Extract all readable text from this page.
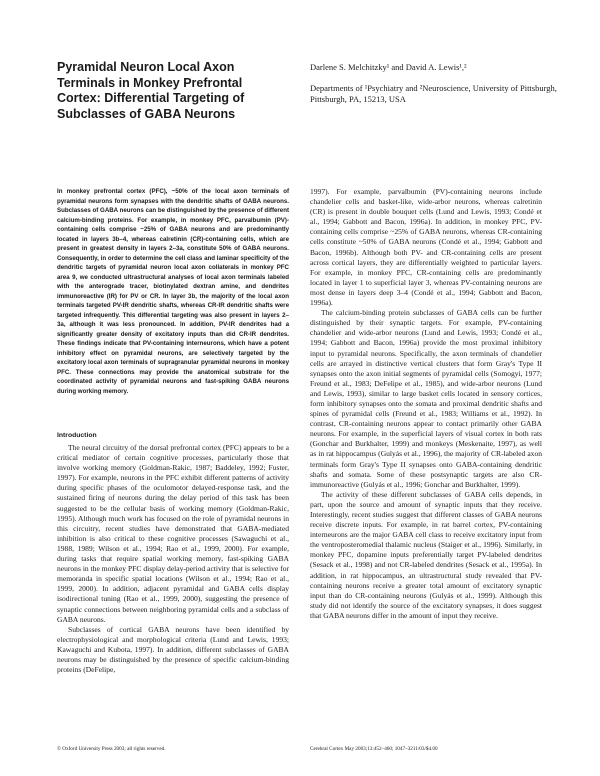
Pyramidal Neuron Local Axon Terminals in Monkey Prefrontal Cortex: Differential Targeting of Subclasses of GABA Neurons

Darlene S. Melchitzky¹ and David A. Lewis¹,²

Departments of ¹Psychiatry and ²Neuroscience, University of Pittsburgh, Pittsburgh, PA, 15213, USA

In monkey prefrontal cortex (PFC), ~50% of the local axon terminals of pyramidal neurons form synapses with the dendritic shafts of GABA neurons. Subclasses of GABA neurons can be distinguished by the presence of different calcium-binding proteins. For example, in monkey PFC, parvalbumin (PV)-containing cells comprise ~25% of GABA neurons and are predominantly located in layers 3b–4, whereas calretinin (CR)-containing cells, which are present in greatest density in layers 2–3a, constitute 50% of GABA neurons. Consequently, in order to determine the cell class and laminar specificity of the dendritic targets of pyramidal neuron local axon collaterals in monkey PFC area 9, we conducted ultrastructural analyses of local axon terminals labeled with the anterograde tracer, biotinylated dextran amine, and dendrites immunoreactive (IR) for PV or CR. In layer 3b, the majority of the local axon terminals targeted PV-IR dendritic shafts, whereas CR-IR dendritic shafts were targeted infrequently. This differential targeting was also present in layers 2–3a, although it was less pronounced. In addition, PV-IR dendrites had a significantly greater density of excitatory inputs than did CR-IR dendrites. These findings indicate that PV-containing interneurons, which have a potent inhibitory effect on pyramidal neurons, are selectively targeted by the excitatory local axon terminals of supragranular pyramidal neurons in monkey PFC. These connections may provide the anatomical substrate for the coordinated activity of pyramidal neurons and fast-spiking GABA neurons during working memory.
Introduction

The neural circuitry of the dorsal prefrontal cortex (PFC) appears to be a critical mediator of certain cognitive processes, particularly those that involve working memory (Goldman-Rakic, 1987; Baddeley, 1992; Fuster, 1997). For example, neurons in the PFC exhibit different patterns of activity during specific phases of the oculomotor delayed-response task, and the sustained firing of neurons during the delay period of this task has been suggested to be the cellular basis of working memory (Goldman-Rakic, 1995). Although much work has focused on the role of pyramidal neurons in this circuitry, recent studies have demonstrated that GABA-mediated inhibition is also critical to these cognitive processes (Sawaguchi et al., 1988, 1989; Wilson et al., 1994; Rao et al., 1999, 2000). For example, during tasks that require spatial working memory, fast-spiking GABA neurons in the monkey PFC display delay-period activity that is selective for memoranda in specific spatial locations (Wilson et al., 1994; Rao et al., 1999, 2000). In addition, adjacent pyramidal and GABA cells display isodirectional tuning (Rao et al., 1999, 2000), suggesting the presence of synaptic connections between neighboring pyramidal cells and a subclass of GABA neurons.

Subclasses of cortical GABA neurons have been identified by electrophysiological and morphological criteria (Lund and Lewis, 1993; Kawaguchi and Kubota, 1997). In addition, different subclasses of GABA neurons may be distinguished by the presence of specific calcium-binding proteins (DeFelipe,

1997). For example, parvalbumin (PV)-containing neurons include chandelier cells and basket-like, wide-arbor neurons, whereas calretinin (CR) is present in double bouquet cells (Lund and Lewis, 1993; Condé et al., 1994; Gabbott and Bacon, 1996a). In addition, in monkey PFC, PV-containing cells comprise ~25% of GABA neurons, whereas CR-containing cells constitute ~50% of GABA neurons (Condé et al., 1994; Gabbott and Bacon, 1996b). Although both PV- and CR-containing cells are present across cortical layers, they are differentially weighted to particular layers. For example, in monkey PFC, CR-containing cells are predominantly located in layer 1 to superficial layer 3, whereas PV-containing neurons are most dense in layers deep 3–4 (Condé et al., 1994; Gabbott and Bacon, 1996a).

The calcium-binding protein subclasses of GABA cells can be further distinguished by their synaptic targets. For example, PV-containing chandelier and wide-arbor neurons (Lund and Lewis, 1993; Condé et al., 1994; Gabbott and Bacon, 1996a) provide the most proximal inhibitory input to pyramidal neurons. Specifically, the axon terminals of chandelier cells are arrayed in distinctive vertical clusters that form Gray's Type II synapses onto the axon initial segments of pyramidal cells (Somogyi, 1977; Freund et al., 1983; DeFelipe et al., 1985), and wide-arbor neurons (Lund and Lewis, 1993), similar to large basket cells located in sensory cortices, form inhibitory synapses onto the somata and proximal dendritic shafts and spines of pyramidal cells (Freund et al., 1983; Williams et al., 1992). In contrast, CR-containing neurons appear to contact primarily other GABA neurons. For example, in the superficial layers of visual cortex in both rats (Gonchar and Burkhalter, 1999) and monkeys (Meskenaite, 1997), as well as in rat hippocampus (Gulyás et al., 1996), the majority of CR-labeled axon terminals form Gray's Type II synapses onto GABA-containing dendritic shafts and somata. Some of these postsynaptic targets are also CR-immunoreactive (Gulyás et al., 1996; Gonchar and Burkhalter, 1999).

The activity of these different subclasses of GABA cells depends, in part, upon the source and amount of synaptic inputs that they receive. Interestingly, recent studies suggest that different classes of GABA neurons receive discrete inputs. For example, in rat barrel cortex, PV-containing interneurons are the major GABA cell class to receive excitatory input from the ventroposteromedial thalamic nucleus (Staiger et al., 1996). Similarly, in monkey PFC, dopamine inputs preferentially target PV-labeled dendrites (Sesack et al., 1998) and not CR-labeled dendrites (Sesack et al., 1995a). In addition, in rat hippocampus, an ultrastructural study revealed that PV-containing neurons receive a greater total amount of excitatory synaptic input than do CR-containing neurons (Gulyás et al., 1999). Although this study did not identify the source of the excitatory synapses, it does suggest that GABA neurons differ in the amount of input they receive.

© Oxford University Press 2003; all rights reserved.	Cerebral Cortex May 2003;13:452–460; 1047–3211/03/$4.00
